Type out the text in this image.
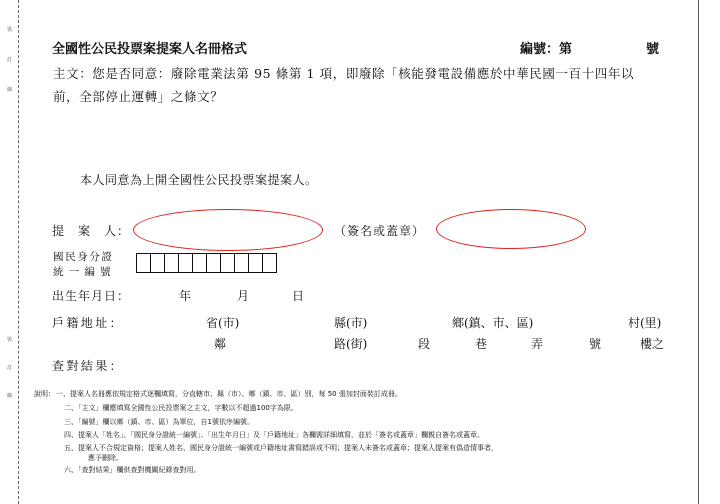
裝
訂
線
裝
訂
線
全國性公民投票案提案人名冊格式	編號：第	號
主文：您是否同意：廢除電業法第 95 條第 1 項，即廢除「核能發電設備應於中華民國一百十四年以
前，全部停止運轉」之條文？
本人同意為上開全國性公民投票案提案人。
提　案　人：	（簽名或蓋章）
國民身分證
統一編號
出生年月日：	年	月	日
戶籍地址：	省(市)	縣(市)	鄉(鎮、市、區)	村(里)
鄰	路(街)	段	巷	弄	號	樓之
查對結果：
說明： 一、提案人名冊應依規定格式逐欄填寫，分直轄市、縣（市）、鄉（鎮、市、區）別，每 50 張加封面裝訂成冊。
二、「主文」欄應填寫全國性公民投票案之主文，字數以不超過100字為限。
三、「編號」欄以鄉（鎮、市、區）為單位，自1號依序編號。
四、提案人「姓名」、「國民身分證統一編號」、「出生年月日」及「戶籍地址」各欄需詳細填寫，並於「簽名或蓋章」欄親自簽名或蓋章。
五、提案人不合規定資格；提案人姓名、國民身分證統一編號或戶籍地址書寫錯誤或不明；提案人未簽名或蓋章；提案人提案有偽造情事者，
應予刪除。
六、「查對結果」欄供查對機關紀錄查對用。
